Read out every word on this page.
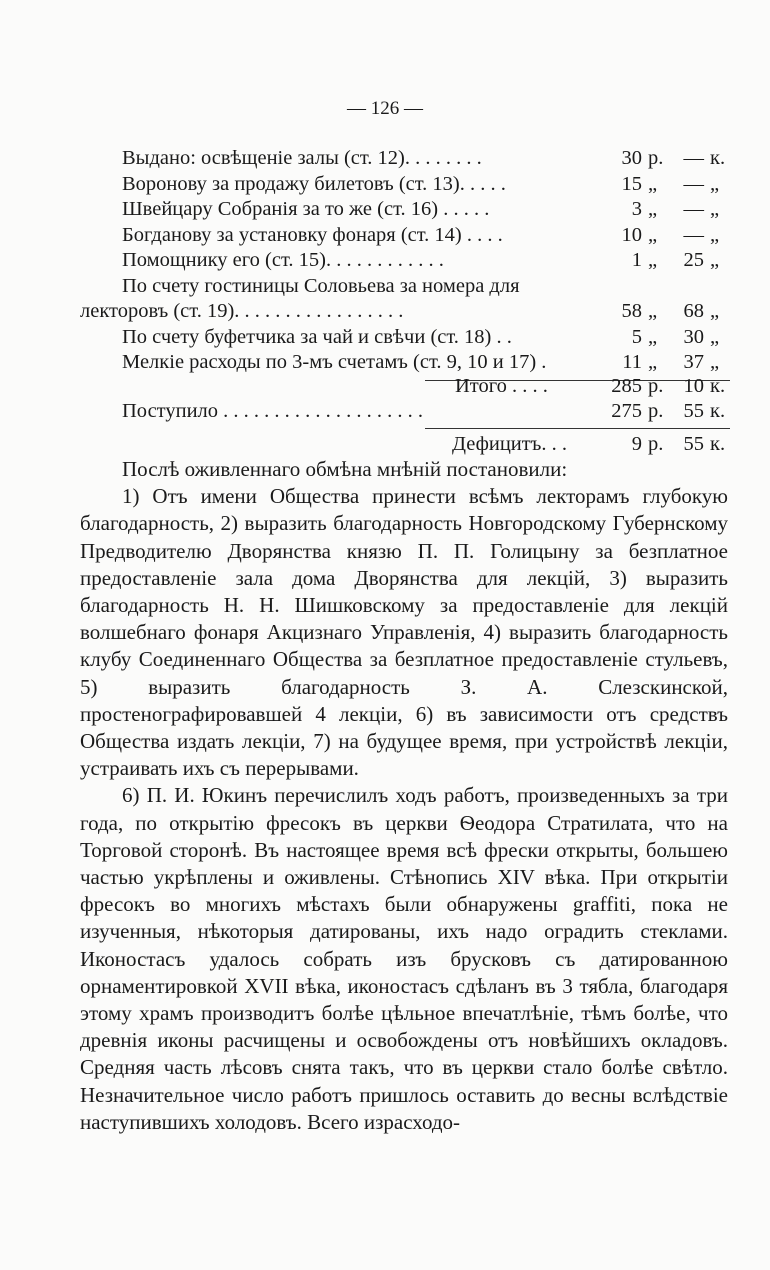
— 126 —
Выдано: освѣщеніе залы (ст. 12). . . . . . . .	30 р. — к.
Воронову за продажу билетовъ (ст. 13). . . . .	15 „	— „
Швейцару Собранія за то же (ст. 16) . . . . .	3 „	— „
Богданову за установку фонаря (ст. 14) . . . .	10 „	— „
Помощнику его (ст. 15). . . . . . . . . . . .	1 „	25 „
По счету гостиницы Соловьева за номера для
лекторовъ (ст. 19). . . . . . . . . . . . . . . . .	58 „	68 „
По счету буфетчика за чай и свѣчи (ст. 18) . .	5 „	30 „
Мелкіе расходы по 3-мъ счетамъ (ст. 9, 10 и 17) .	11 „	37 „
Итого . . . .	285 р. 10 к.
Поступило . . . . . . . . . . . . . . . . . . . .	275 р. 55 к.
Дефицитъ. . .	9 р. 55 к.

Послѣ оживленнаго обмѣна мнѣній постановили:

1) Отъ имени Общества принести всѣмъ лекторамъ глубокую благодарность, 2) выразить благодарность Новгородскому Губернскому Предводителю Дворянства князю П. П. Голицыну за безплатное предоставленіе зала дома Дворянства для лекцій, 3) выразить благодарность Н. Н. Шишковскому за предоставленіе для лекцій волшебнаго фонаря Акцизнаго Управленія, 4) выразить благодарность клубу Соединеннаго Общества за безплатное предоставленіе стульевъ, 5) выразить благодарность З. А. Слезскинской, простенографировавшей 4 лекціи, 6) въ зависимости отъ средствъ Общества издать лекціи, 7) на будущее время, при устройствѣ лекціи, устраивать ихъ съ перерывами.

6) П. И. Юкинъ перечислилъ ходъ работъ, произведенныхъ за три года, по открытію фресокъ въ церкви Ѳеодора Стратилата, что на Торговой сторонѣ. Въ настоящее время всѣ фрески открыты, большею частью укрѣплены и оживлены. Стѣнопись XIV вѣка. При открытіи фресокъ во многихъ мѣстахъ были обнаружены graffiti, пока не изученныя, нѣкоторыя датированы, ихъ надо оградить стеклами. Иконостасъ удалось собрать изъ брусковъ съ датированною орнаментировкой XVII вѣка, иконостасъ сдѣланъ въ 3 тябла, благодаря этому храмъ производитъ болѣе цѣльное впечатлѣніе, тѣмъ болѣе, что древнія иконы расчищены и освобождены отъ новѣйшихъ окладовъ. Средняя часть лѣсовъ снята такъ, что въ церкви стало болѣе свѣтло. Незначительное число работъ пришлось оставить до весны вслѣдствіе наступившихъ холодовъ. Всего израсходо-
